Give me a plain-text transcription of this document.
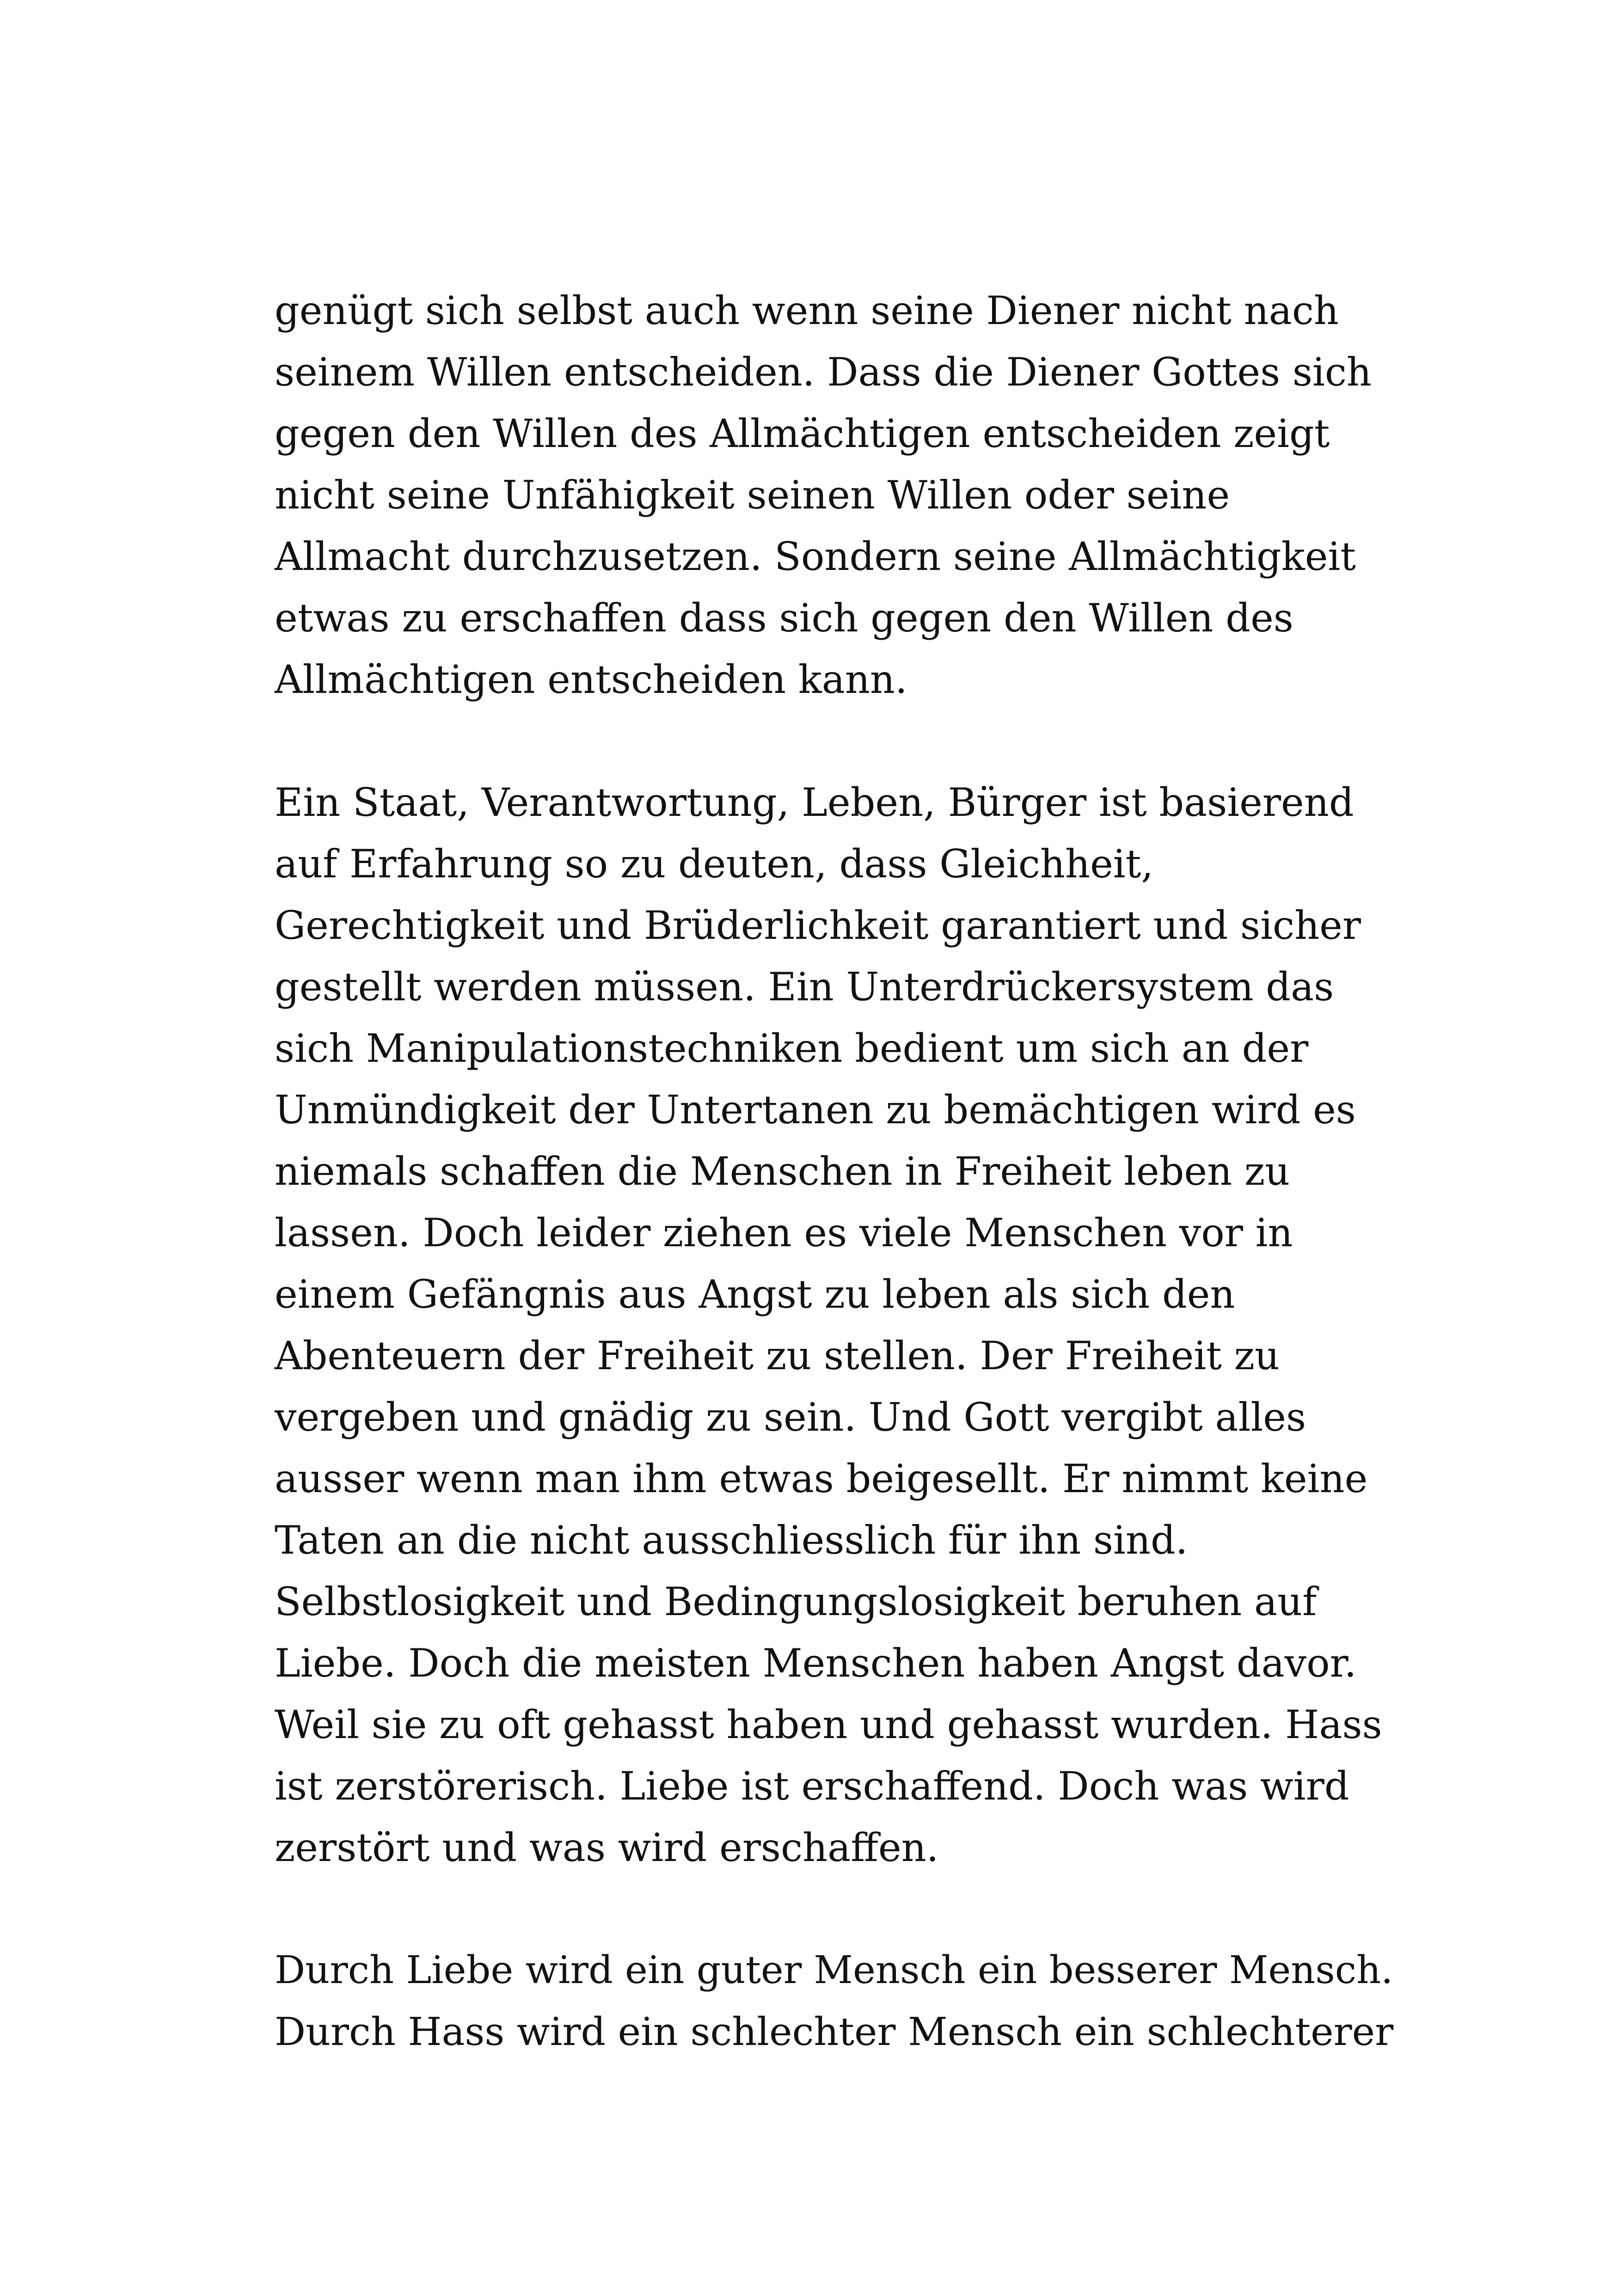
genügt sich selbst auch wenn seine Diener nicht nach
seinem Willen entscheiden. Dass die Diener Gottes sich
gegen den Willen des Allmächtigen entscheiden zeigt
nicht seine Unfähigkeit seinen Willen oder seine
Allmacht durchzusetzen. Sondern seine Allmächtigkeit
etwas zu erschaffen dass sich gegen den Willen des
Allmächtigen entscheiden kann.
Ein Staat, Verantwortung, Leben, Bürger ist basierend
auf Erfahrung so zu deuten, dass Gleichheit,
Gerechtigkeit und Brüderlichkeit garantiert und sicher
gestellt werden müssen. Ein Unterdrückersystem das
sich Manipulationstechniken bedient um sich an der
Unmündigkeit der Untertanen zu bemächtigen wird es
niemals schaffen die Menschen in Freiheit leben zu
lassen. Doch leider ziehen es viele Menschen vor in
einem Gefängnis aus Angst zu leben als sich den
Abenteuern der Freiheit zu stellen. Der Freiheit zu
vergeben und gnädig zu sein. Und Gott vergibt alles
ausser wenn man ihm etwas beigesellt. Er nimmt keine
Taten an die nicht ausschliesslich für ihn sind.
Selbstlosigkeit und Bedingungslosigkeit beruhen auf
Liebe. Doch die meisten Menschen haben Angst davor.
Weil sie zu oft gehasst haben und gehasst wurden. Hass
ist zerstörerisch. Liebe ist erschaffend. Doch was wird
zerstört und was wird erschaffen.
Durch Liebe wird ein guter Mensch ein besserer Mensch.
Durch Hass wird ein schlechter Mensch ein schlechterer
